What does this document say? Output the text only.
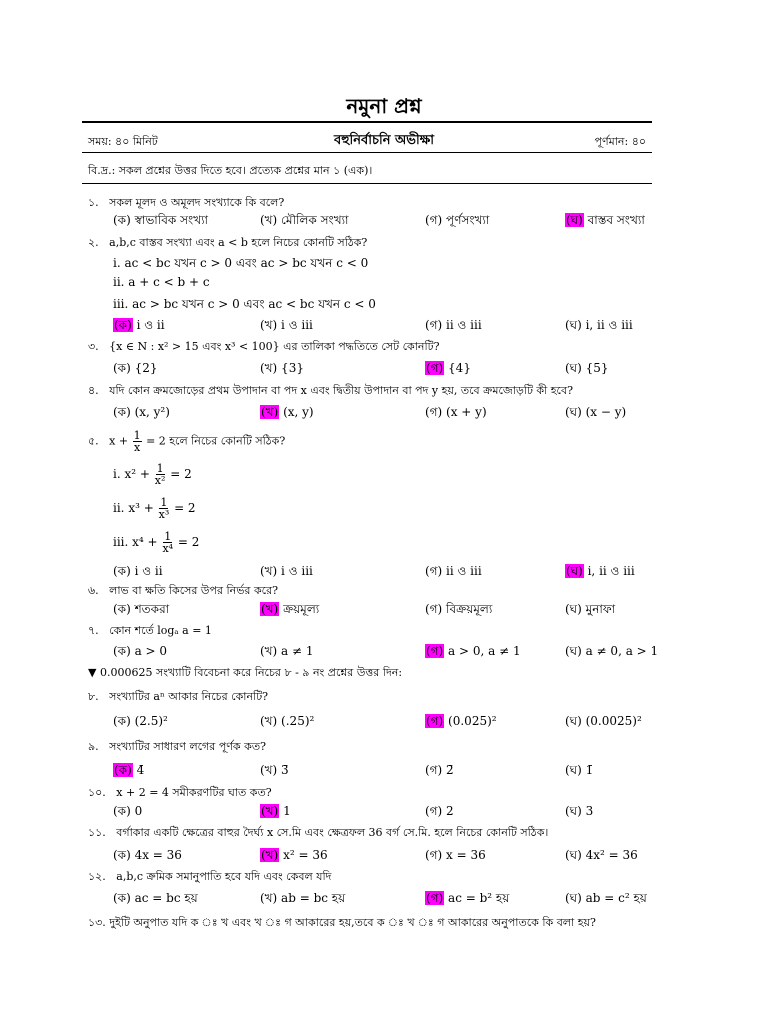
নমুনা প্রশ্ন
সময়: ৪০ মিনিট	বহুনির্বাচনি অভীক্ষা	পূর্ণমান: ৪০
বি.দ্র.: সকল প্রশ্নের উত্তর দিতে হবে। প্রত্যেক প্রশ্নের মান ১ (এক)।
১. সকল মূলদ ও অমূলদ সংখ্যাকে কি বলে?
(ক) স্বাভাবিক সংখ্যা	(খ) মৌলিক সংখ্যা	(গ) পূর্ণসংখ্যা	(ঘ) বাস্তব সংখ্যা
২. a,b,c বাস্তব সংখ্যা এবং a < b হলে নিচের কোনটি সঠিক?
i. ac < bc যখন c > 0 এবং ac > bc যখন c < 0
ii. a + c < b + c
iii. ac > bc যখন c > 0 এবং ac < bc যখন c < 0
(ক) i ও ii	(খ) i ও iii	(গ) ii ও iii	(ঘ) i, ii ও iii
৩. {x ∈ N : x² > 15 এবং x³ < 100} এর তালিকা পদ্ধতিতে সেট কোনটি?
(ক) {2}	(খ) {3}	(গ) {4}	(ঘ) {5}
৪. যদি কোন ক্রমজোড়ের প্রথম উপাদান বা পদ x এবং দ্বিতীয় উপাদান বা পদ y হয়, তবে ক্রমজোড়টি কী হবে?
(ক) (x, y²)	(খ) (x, y)	(গ) (x + y)	(ঘ) (x − y)
৫. $x + \frac{1}{x} = 2$ হলে নিচের কোনটি সঠিক?
i. $x^2 + \frac{1}{\text{x²}} = 2$
ii. $x^3 + \frac{1}{\text{x³}} = 2$
iii. $x^4 + \frac{1}{\text{x⁴}} = 2$
(ক) i ও ii	(খ) i ও iii	(গ) ii ও iii	(ঘ) i, ii ও iii
৬. লাভ বা ক্ষতি কিসের উপর নির্ভর করে?
(ক) শতকরা	(খ) ক্রয়মূল্য	(গ) বিক্রয়মূল্য	(ঘ) মুনাফা
৭. কোন শর্তে logₐ a = 1
(ক) a > 0	(খ) a ≠ 1	(গ) a > 0, a ≠ 1	(ঘ) a ≠ 0, a > 1
▼ 0.000625 সংখ্যাটি বিবেচনা করে নিচের ৮ - ৯ নং প্রশ্নের উত্তর দিন:
৮. সংখ্যাটির aⁿ আকার নিচের কোনটি?
(ক) (2.5)²	(খ) (.25)²	(গ) (0.025)²	(ঘ) (0.0025)²
৯. সংখ্যাটির সাধারণ লগের পূর্ণক কত?
(ক) 4̄	(খ) 3̄	(গ) 2̄	(ঘ) 1̄
১০. x + 2 = 4 সমীকরণটির ঘাত কত?
(ক) 0	(খ) 1	(গ) 2	(ঘ) 3
১১. বর্গাকার একটি ক্ষেত্রের বাহুর দৈর্ঘ্য x সে.মি এবং ক্ষেত্রফল 36 বর্গ সে.মি. হলে নিচের কোনটি সঠিক।
(ক) 4x = 36	(খ) x² = 36	(গ) x = 36	(ঘ) 4x² = 36
১২. a,b,c ক্রমিক সমানুপাতি হবে যদি এবং কেবল যদি
(ক) ac = bc হয়	(খ) ab = bc হয়	(গ) ac = b² হয়	(ঘ) ab = c² হয়
১৩. দুইটি অনুপাত যদি ক ঃ খ এবং খ ঃ গ আকারের হয়,তবে ক ঃ খ ঃ গ আকারের অনুপাতকে কি বলা হয়?
